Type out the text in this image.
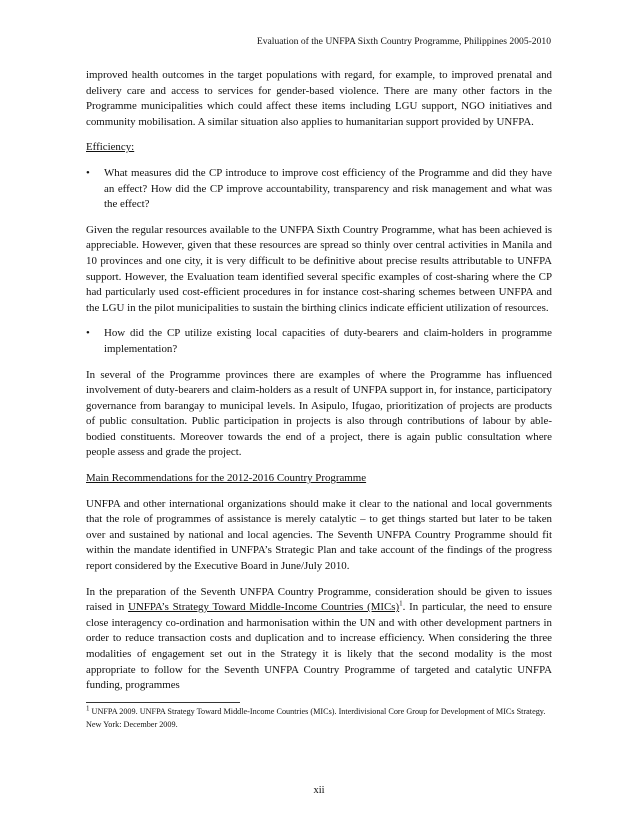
Evaluation of the UNFPA Sixth Country Programme, Philippines 2005-2010

improved health outcomes in the target populations with regard, for example, to improved prenatal and delivery care and access to services for gender-based violence. There are many other factors in the Programme municipalities which could affect these items including LGU support, NGO initiatives and community mobilisation. A similar situation also applies to humanitarian support provided by UNFPA.

Efficiency:
• What measures did the CP introduce to improve cost efficiency of the Programme and did they have an effect? How did the CP improve accountability, transparency and risk management and what was the effect?

Given the regular resources available to the UNFPA Sixth Country Programme, what has been achieved is appreciable. However, given that these resources are spread so thinly over central activities in Manila and 10 provinces and one city, it is very difficult to be definitive about precise results attributable to UNFPA support. However, the Evaluation team identified several specific examples of cost-sharing where the CP had particularly used cost-efficient procedures in for instance cost-sharing schemes between UNFPA and the LGU in the pilot municipalities to sustain the birthing clinics indicate efficient utilization of resources.

• How did the CP utilize existing local capacities of duty-bearers and claim-holders in programme implementation?

In several of the Programme provinces there are examples of where the Programme has influenced involvement of duty-bearers and claim-holders as a result of UNFPA support in, for instance, participatory governance from barangay to municipal levels. In Asipulo, Ifugao, prioritization of projects are products of public consultation. Public participation in projects is also through contributions of labour by able-bodied constituents. Moreover towards the end of a project, there is again public consultation where people assess and grade the project.

Main Recommendations for the 2012-2016 Country Programme

UNFPA and other international organizations should make it clear to the national and local governments that the role of programmes of assistance is merely catalytic – to get things started but later to be taken over and sustained by national and local agencies. The Seventh UNFPA Country Programme should fit within the mandate identified in UNFPA’s Strategic Plan and take account of the findings of the progress report considered by the Executive Board in June/July 2010.

In the preparation of the Seventh UNFPA Country Programme, consideration should be given to issues raised in UNFPA’s Strategy Toward Middle-Income Countries (MICs)$^1$. In particular, the need to ensure close interagency co-ordination and harmonisation within the UN and with other development partners in order to reduce transaction costs and duplication and to increase efficiency. When considering the three modalities of engagement set out in the Strategy it is likely that the second modality is the most appropriate to follow for the Seventh UNFPA Country Programme of targeted and catalytic UNFPA funding, programmes

$^1$ UNFPA 2009. UNFPA Strategy Toward Middle-Income Countries (MICs). Interdivisional Core Group for Development of MICs Strategy. New York: December 2009.
xii
